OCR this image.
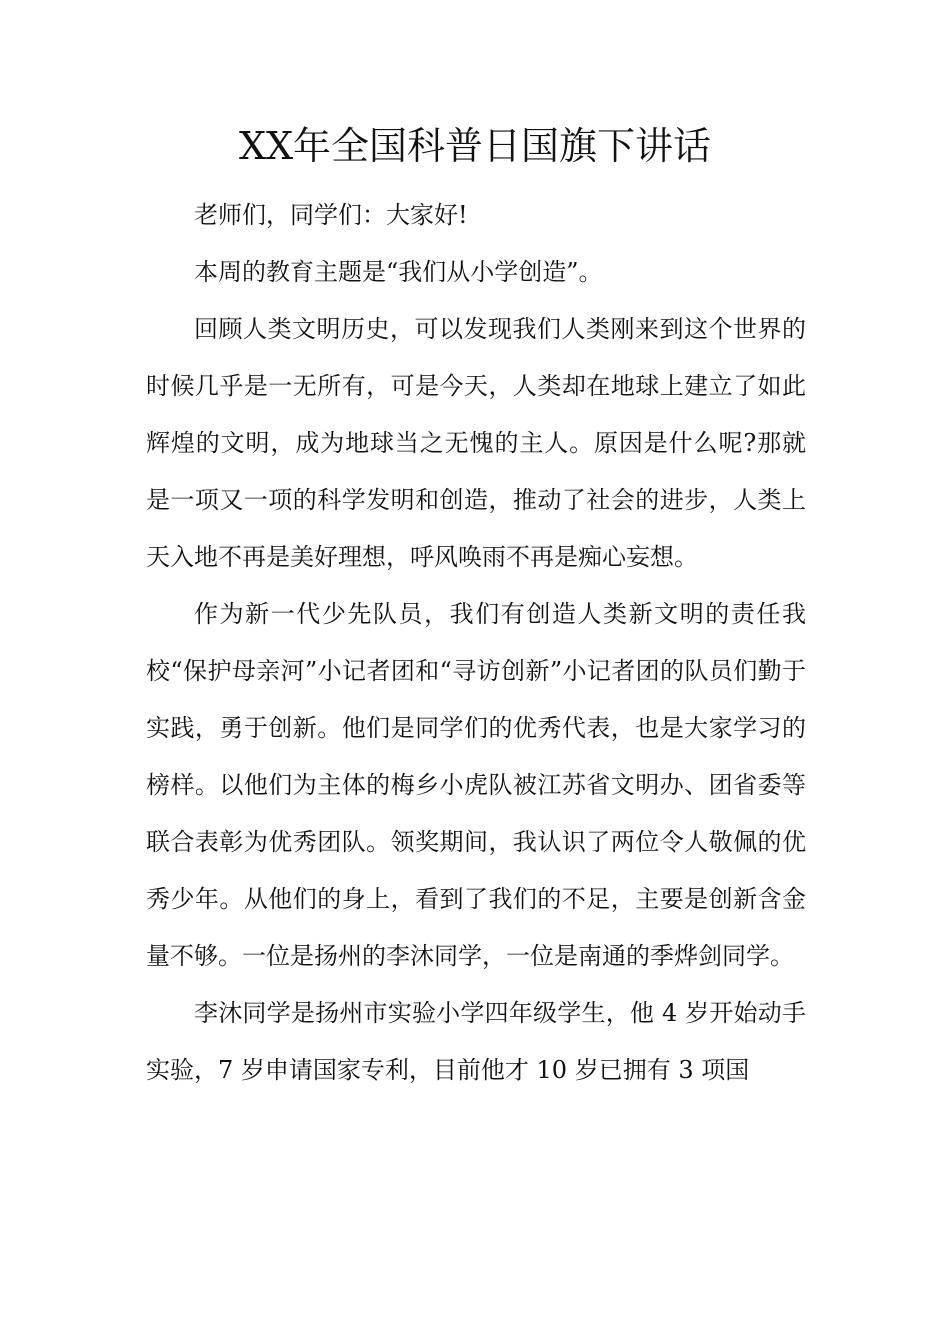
XX年全国科普日国旗下讲话

老师们，同学们：大家好!

本周的教育主题是“我们从小学创造”。

回顾人类文明历史，可以发现我们人类刚来到这个世界的时候几乎是一无所有，可是今天，人类却在地球上建立了如此辉煌的文明，成为地球当之无愧的主人。原因是什么呢?那就是一项又一项的科学发明和创造，推动了社会的进步，人类上天入地不再是美好理想，呼风唤雨不再是痴心妄想。

作为新一代少先队员，我们有创造人类新文明的责任我校“保护母亲河”小记者团和“寻访创新”小记者团的队员们勤于实践，勇于创新。他们是同学们的优秀代表，也是大家学习的榜样。以他们为主体的梅乡小虎队被江苏省文明办、团省委等联合表彰为优秀团队。领奖期间，我认识了两位令人敬佩的优秀少年。从他们的身上，看到了我们的不足，主要是创新含金量不够。一位是扬州的李沐同学，一位是南通的季烨剑同学。

李沐同学是扬州市实验小学四年级学生，他 4 岁开始动手实验，7 岁申请国家专利，目前他才 10 岁已拥有 3 项国
